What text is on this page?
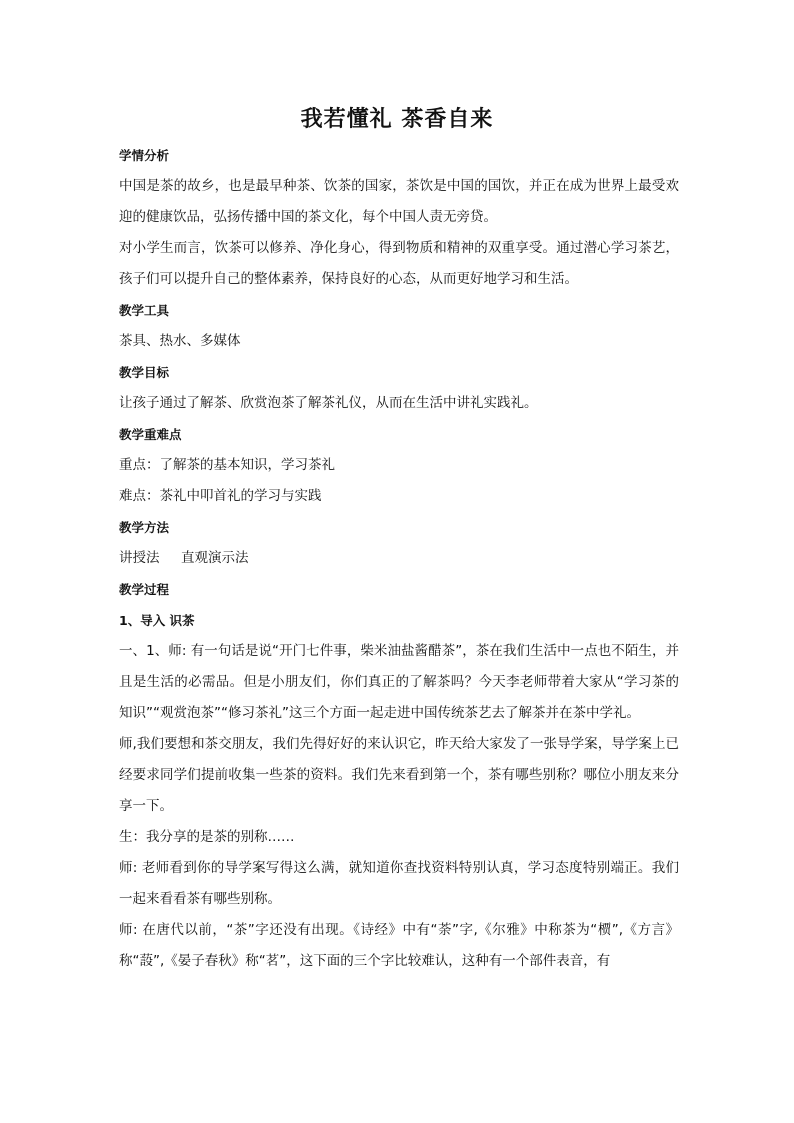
我若懂礼 茶香自来

学情分析

中国是茶的故乡，也是最早种茶、饮茶的国家，茶饮是中国的国饮，并正在成为世界上最受欢迎的健康饮品，弘扬传播中国的茶文化，每个中国人责无旁贷。

对小学生而言，饮茶可以修养、净化身心，得到物质和精神的双重享受。通过潜心学习茶艺，孩子们可以提升自己的整体素养，保持良好的心态，从而更好地学习和生活。

教学工具

茶具、热水、多媒体

教学目标

让孩子通过了解茶、欣赏泡茶了解茶礼仪，从而在生活中讲礼实践礼。

教学重难点

重点：了解茶的基本知识，学习茶礼

难点：茶礼中叩首礼的学习与实践

教学方法

讲授法     直观演示法

教学过程

1、导入 识茶

一、1、师: 有一句话是说“开门七件事，柴米油盐酱醋茶”，茶在我们生活中一点也不陌生，并且是生活的必需品。但是小朋友们，你们真正的了解茶吗？今天李老师带着大家从“学习茶的知识”“观赏泡茶”“修习茶礼”这三个方面一起走进中国传统茶艺去了解茶并在茶中学礼。

师,我们要想和茶交朋友，我们先得好好的来认识它，昨天给大家发了一张导学案，导学案上已经要求同学们提前收集一些茶的资料。我们先来看到第一个，茶有哪些别称？哪位小朋友来分享一下。

生：我分享的是茶的别称……

师: 老师看到你的导学案写得这么满，就知道你查找资料特别认真，学习态度特别端正。我们一起来看看茶有哪些别称。

师: 在唐代以前，“茶”字还没有出现。《诗经》中有“荼”字,《尔雅》中称茶为“槚”,《方言》称“蔎”,《晏子春秋》称“茗”，这下面的三个字比较难认，这种有一个部件表音，有
